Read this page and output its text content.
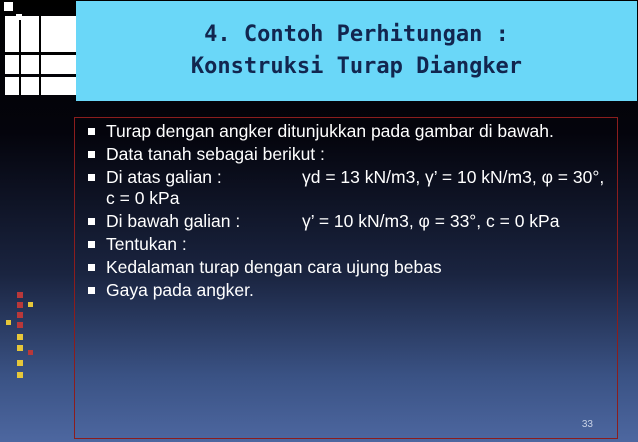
4. Contoh Perhitungan :
Konstruksi Turap Diangker
Turap dengan angker ditunjukkan pada gambar di bawah.
Data tanah sebagai berikut :
Di atas galian :	γd = 13 kN/m3, γ’ = 10 kN/m3, φ = 30°, c = 0 kPa
Di bawah galian :	γ’ = 10 kN/m3, φ = 33°, c = 0 kPa
Tentukan :
Kedalaman turap dengan cara ujung bebas
Gaya pada angker.
33
